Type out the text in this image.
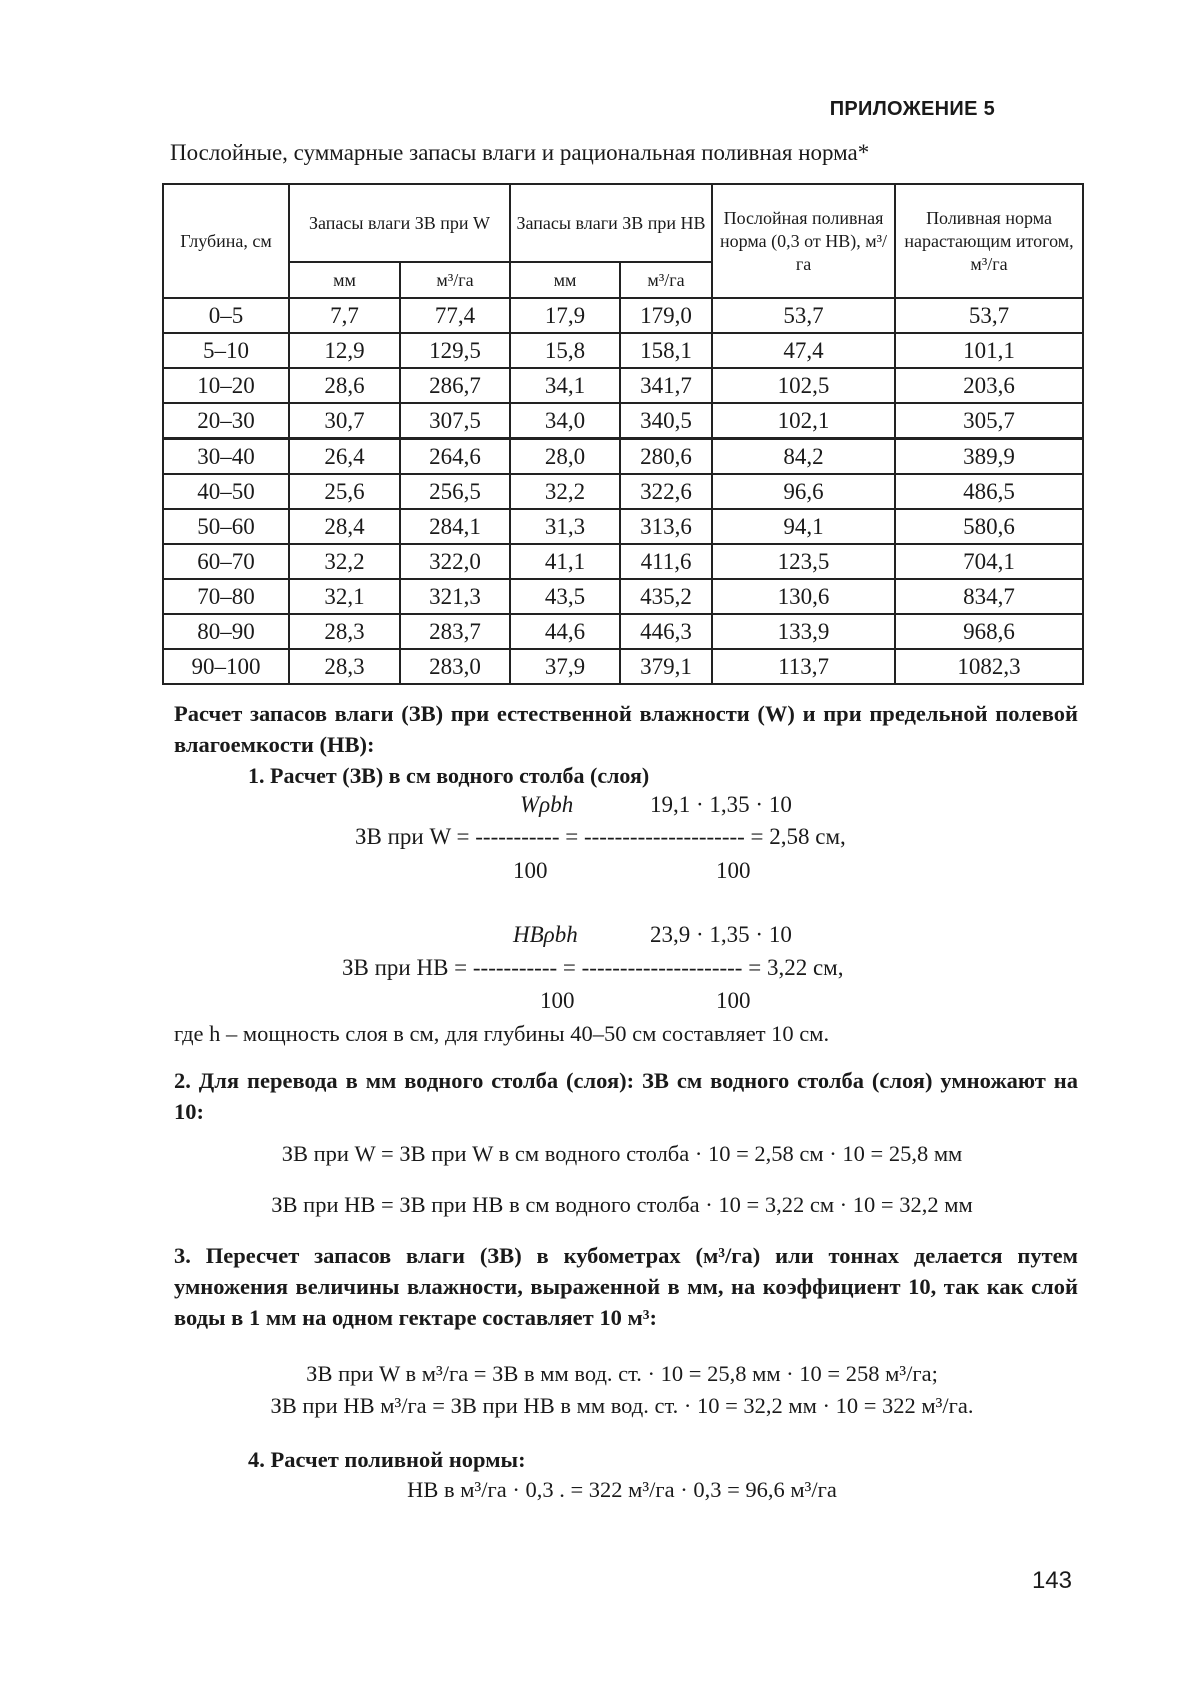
ПРИЛОЖЕНИЕ 5
Послойные, суммарные запасы влаги и рациональная поливная норма*
Глубина, см	Запасы влаги ЗВ при W		Запасы влаги ЗВ при НВ		Послойная поливная норма (0,3 от НВ), м³/га	Поливная норма нарастающим итогом, м³/га
	мм	м³/га	мм	м³/га		
0–5	7,7	77,4	17,9	179,0	53,7	53,7
5–10	12,9	129,5	15,8	158,1	47,4	101,1
10–20	28,6	286,7	34,1	341,7	102,5	203,6
20–30	30,7	307,5	34,0	340,5	102,1	305,7
30–40	26,4	264,6	28,0	280,6	84,2	389,9
40–50	25,6	256,5	32,2	322,6	96,6	486,5
50–60	28,4	284,1	31,3	313,6	94,1	580,6
60–70	32,2	322,0	41,1	411,6	123,5	704,1
70–80	32,1	321,3	43,5	435,2	130,6	834,7
80–90	28,3	283,7	44,6	446,3	133,9	968,6
90–100	28,3	283,0	37,9	379,1	113,7	1082,3
Расчет запасов влаги (ЗВ) при естественной влажности (W) и при предельной полевой влагоемкости (НВ):
1. Расчет (ЗВ) в см водного столба (слоя)
Wρbh	19,1 · 1,35 · 10
ЗВ при W = ----------- = --------------------- = 2,58 см,
100	100
НВρbh	23,9 · 1,35 · 10
ЗВ при НВ = ----------- = --------------------- = 3,22 см,
100	100
где h – мощность слоя в см, для глубины 40–50 см составляет 10 см.
2. Для перевода в мм водного столба (слоя): ЗВ см водного столба (слоя) умножают на 10:
ЗВ при W = ЗВ при W в см водного столба · 10 = 2,58 см · 10 = 25,8 мм
ЗВ при НВ = ЗВ при НВ в см водного столба · 10 = 3,22 см · 10 = 32,2 мм
3. Пересчет запасов влаги (ЗВ) в кубометрах (м³/га) или тоннах делается путем умножения величины влажности, выраженной в мм, на коэффициент 10, так как слой воды в 1 мм на одном гектаре составляет 10 м³:
ЗВ при W в м³/га = ЗВ в мм вод. ст. · 10 = 25,8 мм · 10 = 258 м³/га;
ЗВ при НВ м³/га = ЗВ при НВ в мм вод. ст. · 10 = 32,2 мм · 10 = 322 м³/га.
4. Расчет поливной нормы:
НВ в м³/га · 0,3 . = 322 м³/га · 0,3 = 96,6 м³/га
143
